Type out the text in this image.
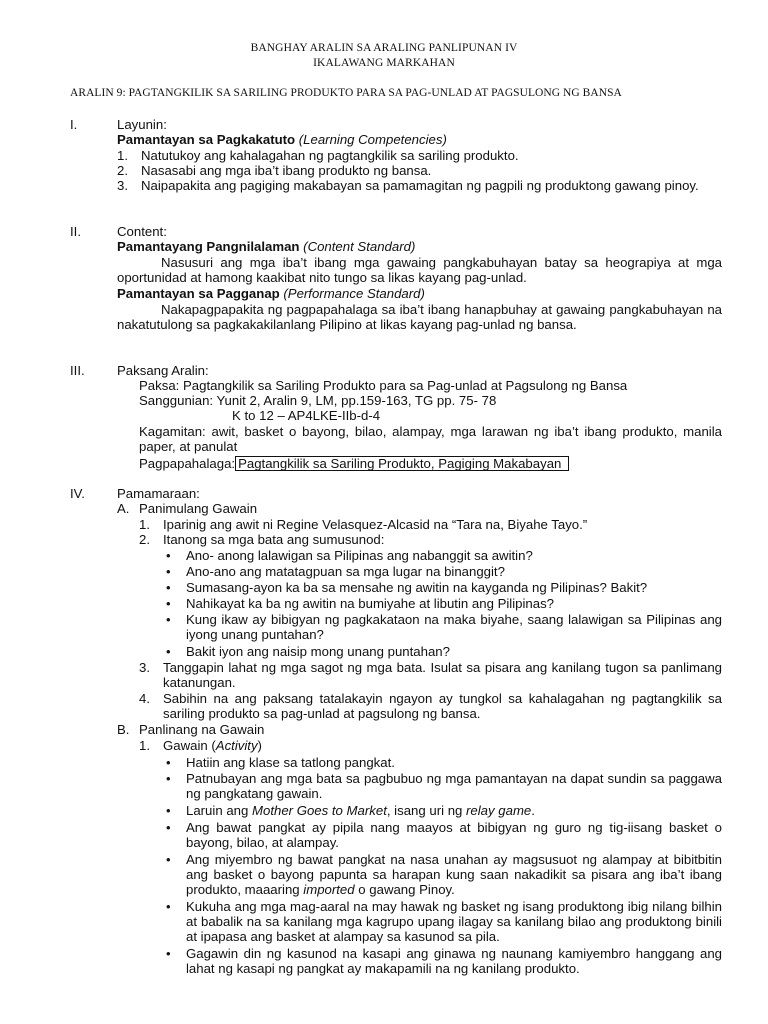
BANGHAY ARALIN SA ARALING PANLIPUNAN IV
IKALAWANG MARKAHAN
ARALIN 9: PAGTANGKILIK SA SARILING PRODUKTO PARA SA PAG-UNLAD AT PAGSULONG NG BANSA
I.	Layunin:
Pamantayan sa Pagkakatuto (Learning Competencies)
1. Natutukoy ang kahalagahan ng pagtangkilik sa sariling produkto.
2. Nasasabi ang mga iba’t ibang produkto ng bansa.
3. Naipapakita ang pagiging makabayan sa pamamagitan ng pagpili ng produktong gawang pinoy.
II.	Content:
Pamantayang Pangnilalaman (Content Standard)
Nasusuri ang mga iba’t ibang mga gawaing pangkabuhayan batay sa heograpiya at mga oportunidad at hamong kaakibat nito tungo sa likas kayang pag-unlad.
Pamantayan sa Pagganap (Performance Standard)
Nakapagpapakita ng pagpapahalaga sa iba’t ibang hanapbuhay at gawaing pangkabuhayan na nakatutulong sa pagkakakilanlang Pilipino at likas kayang pag-unlad ng bansa.
III. Paksang Aralin:
Paksa: Pagtangkilik sa Sariling Produkto para sa Pag-unlad at Pagsulong ng Bansa
Sanggunian: Yunit 2, Aralin 9, LM, pp.159-163, TG pp. 75- 78
K to 12 – AP4LKE-IIb-d-4
Kagamitan: awit, basket o bayong, bilao, alampay, mga larawan ng iba’t ibang produkto, manila paper, at panulat
Pagpapahalaga: Pagtangkilik sa Sariling Produkto, Pagiging Makabayan
IV. Pamamaraan:
A. Panimulang Gawain
1. Iparinig ang awit ni Regine Velasquez-Alcasid na “Tara na, Biyahe Tayo.”
2. Itanong sa mga bata ang sumusunod:
• Ano- anong lalawigan sa Pilipinas ang nabanggit sa awitin?
• Ano-ano ang matatagpuan sa mga lugar na binanggit?
• Sumasang-ayon ka ba sa mensahe ng awitin na kayganda ng Pilipinas? Bakit?
• Nahikayat ka ba ng awitin na bumiyahe at libutin ang Pilipinas?
• Kung ikaw ay bibigyan ng pagkakataon na maka biyahe, saang lalawigan sa Pilipinas ang iyong unang puntahan?
• Bakit iyon ang naisip mong unang puntahan?
3. Tanggapin lahat ng mga sagot ng mga bata. Isulat sa pisara ang kanilang tugon sa panlimang katanungan.
4. Sabihin na ang paksang tatalakayin ngayon ay tungkol sa kahalagahan ng pagtangkilik sa sariling produkto sa pag-unlad at pagsulong ng bansa.
B. Panlinang na Gawain
1. Gawain (Activity)
• Hatiin ang klase sa tatlong pangkat.
• Patnubayan ang mga bata sa pagbubuo ng mga pamantayan na dapat sundin sa paggawa ng pangkatang gawain.
• Laruin ang Mother Goes to Market, isang uri ng relay game.
• Ang bawat pangkat ay pipila nang maayos at bibigyan ng guro ng tig-iisang basket o bayong, bilao, at alampay.
• Ang miyembro ng bawat pangkat na nasa unahan ay magsusuot ng alampay at bibitbitin ang basket o bayong papunta sa harapan kung saan nakadikit sa pisara ang iba’t ibang produkto, maaaring imported o gawang Pinoy.
• Kukuha ang mga mag-aaral na may hawak ng basket ng isang produktong ibig nilang bilhin at babalik na sa kanilang mga kagrupo upang ilagay sa kanilang bilao ang produktong binili at ipapasa ang basket at alampay sa kasunod sa pila.
• Gagawin din ng kasunod na kasapi ang ginawa ng naunang kamiyembro hanggang ang lahat ng kasapi ng pangkat ay makapamili na ng kanilang produkto.
